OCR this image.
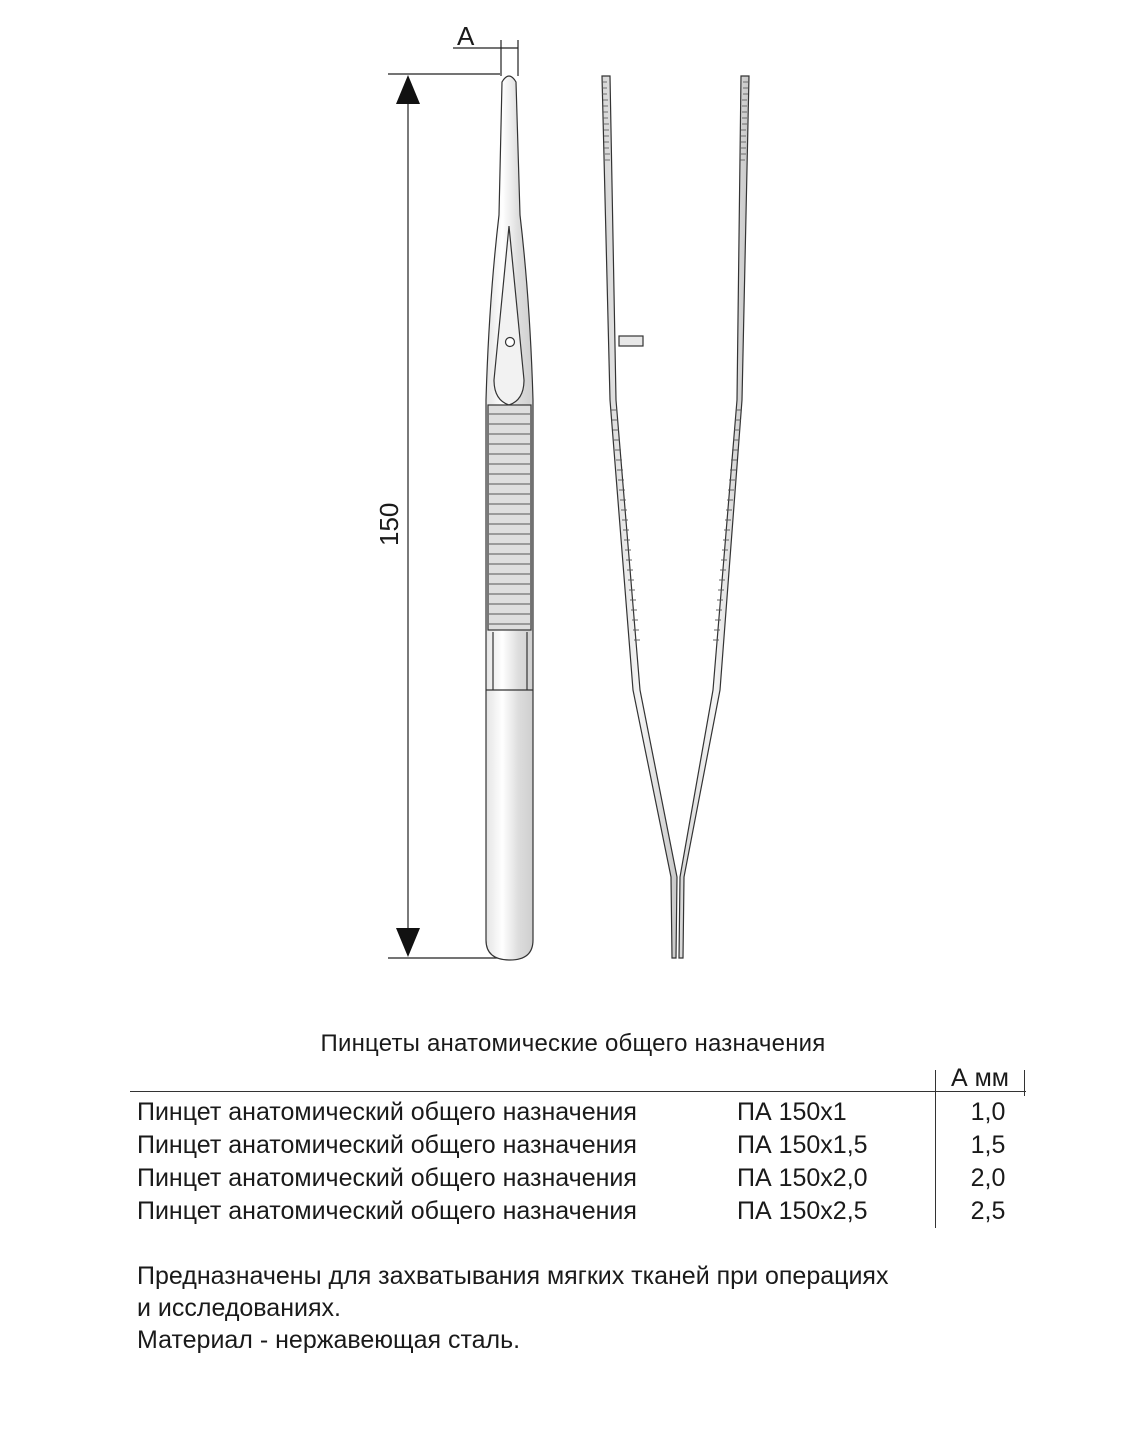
А
150
Пинцеты анатомические общего назначения
А мм
Пинцет анатомический общего назначения	ПА 150х1	1,0
Пинцет анатомический общего назначения	ПА 150х1,5	1,5
Пинцет анатомический общего назначения	ПА 150х2,0	2,0
Пинцет анатомический общего назначения	ПА 150х2,5	2,5
Предназначены для захватывания мягких тканей при операциях
и исследованиях.
Материал - нержавеющая сталь.
